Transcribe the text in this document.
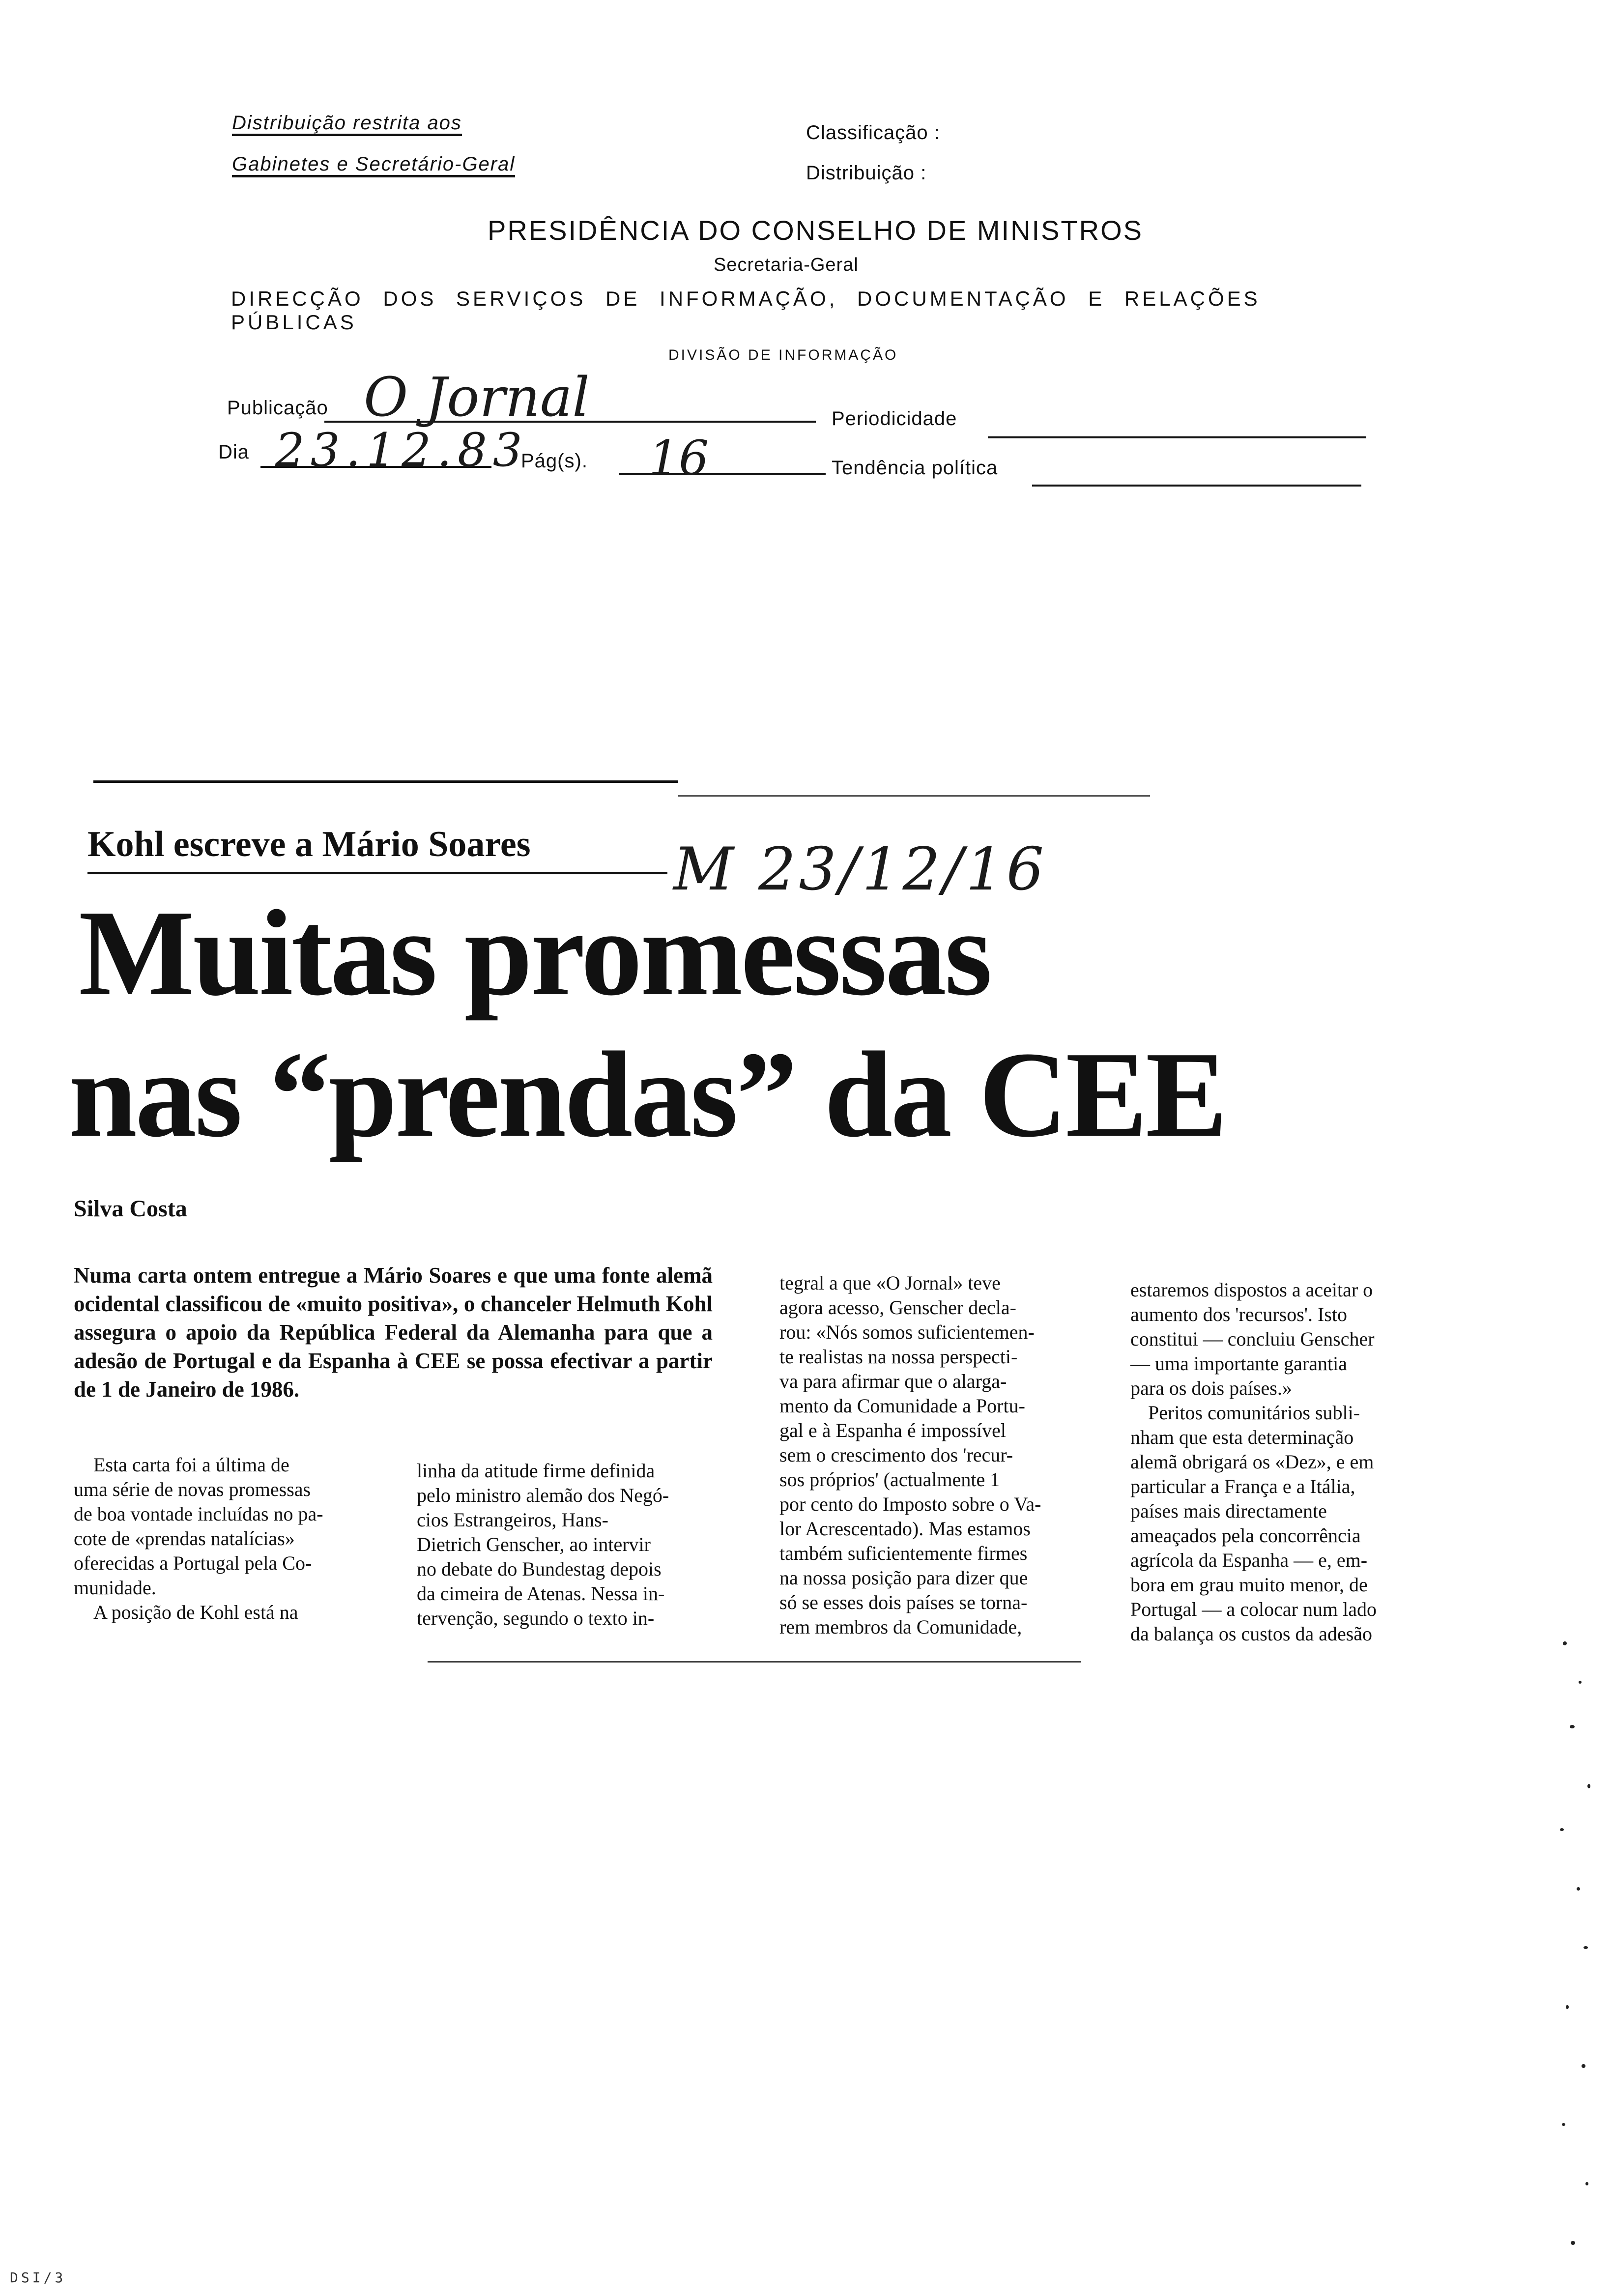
Distribuição restrita aos
Gabinetes e Secretário-Geral
Classificação :
Distribuição :
PRESIDÊNCIA DO CONSELHO DE MINISTROS
Secretaria-Geral
DIRECÇÃO DOS SERVIÇOS DE INFORMAÇÃO, DOCUMENTAÇÃO E RELAÇÕES PÚBLICAS
DIVISÃO DE INFORMAÇÃO
Publicação O Jornal	Periodicidade
Dia 23.12.83
Pág(s). 16	Tendência política
Kohl escreve a Mário Soares M 23/12/16
Muitas promessas
nas “prendas” da CEE
Silva Costa
Numa carta ontem entregue a Mário Soares e que uma fonte alemã ocidental classificou de «muito positiva», o chanceler Helmuth Kohl assegura o apoio da República Federal da Alemanha para que a adesão de Portugal e da Espanha à CEE se possa efectivar a partir de 1 de Janeiro de 1986.
Esta carta foi a última de
uma série de novas promessas
de boa vontade incluídas no pa-
cote de «prendas natalícias»
oferecidas a Portugal pela Co-
munidade.
A posição de Kohl está na
linha da atitude firme definida
pelo ministro alemão dos Negó-
cios Estrangeiros, Hans-
Dietrich Genscher, ao intervir
no debate do Bundestag depois
da cimeira de Atenas. Nessa in-
tervenção, segundo o texto in-
tegral a que «O Jornal» teve
agora acesso, Genscher decla-
rou: «Nós somos suficientemen-
te realistas na nossa perspecti-
va para afirmar que o alarga-
mento da Comunidade a Portu-
gal e à Espanha é impossível
sem o crescimento dos 'recur-
sos próprios' (actualmente 1
por cento do Imposto sobre o Va-
lor Acrescentado). Mas estamos
também suficientemente firmes
na nossa posição para dizer que
só se esses dois países se torna-
rem membros da Comunidade,
estaremos dispostos a aceitar o
aumento dos 'recursos'. Isto
constitui — concluiu Genscher
— uma importante garantia
para os dois países.»
Peritos comunitários subli-
nham que esta determinação
alemã obrigará os «Dez», e em
particular a França e a Itália,
países mais directamente
ameaçados pela concorrência
agrícola da Espanha — e, em-
bora em grau muito menor, de
Portugal — a colocar num lado
da balança os custos da adesão
DSI/3
